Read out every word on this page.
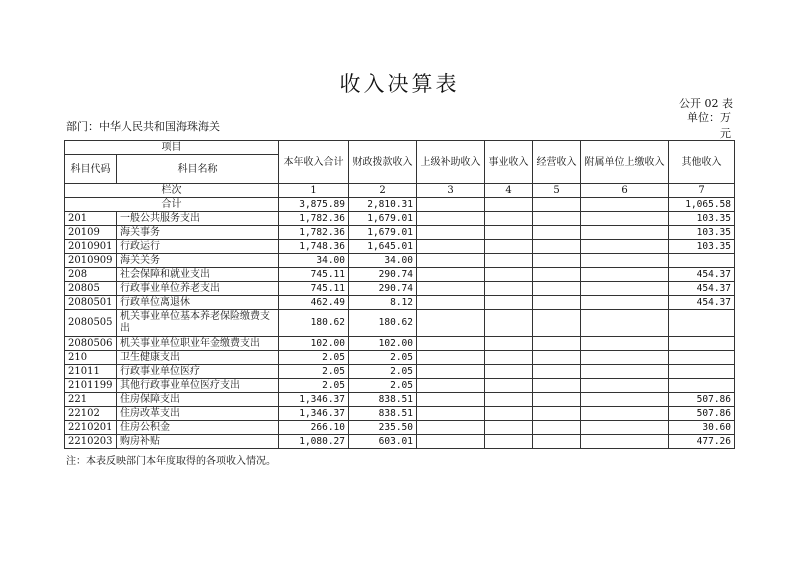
收入决算表
公开 02 表
单位：万
元
部门：中华人民共和国海珠海关
项目		本年收入合计	财政拨款收入	上级补助收入	事业收入	经营收入	附属单位上缴收入	其他收入
科目代码	科目名称							
栏次		1	2	3	4	5	6	7
合计		3,875.89	2,810.31					1,065.58
201	一般公共服务支出	1,782.36	1,679.01					103.35
20109	海关事务	1,782.36	1,679.01					103.35
2010901	行政运行	1,748.36	1,645.01					103.35
2010909	海关关务	34.00	34.00					
208	社会保障和就业支出	745.11	290.74					454.37
20805	行政事业单位养老支出	745.11	290.74					454.37
2080501	行政单位离退休	462.49	8.12					454.37
2080505	机关事业单位基本养老保险缴费支出	180.62	180.62					
2080506	机关事业单位职业年金缴费支出	102.00	102.00					
210	卫生健康支出	2.05	2.05					
21011	行政事业单位医疗	2.05	2.05					
2101199	其他行政事业单位医疗支出	2.05	2.05					
221	住房保障支出	1,346.37	838.51					507.86
22102	住房改革支出	1,346.37	838.51					507.86
2210201	住房公积金	266.10	235.50					30.60
2210203	购房补贴	1,080.27	603.01					477.26
注：本表反映部门本年度取得的各项收入情况。
